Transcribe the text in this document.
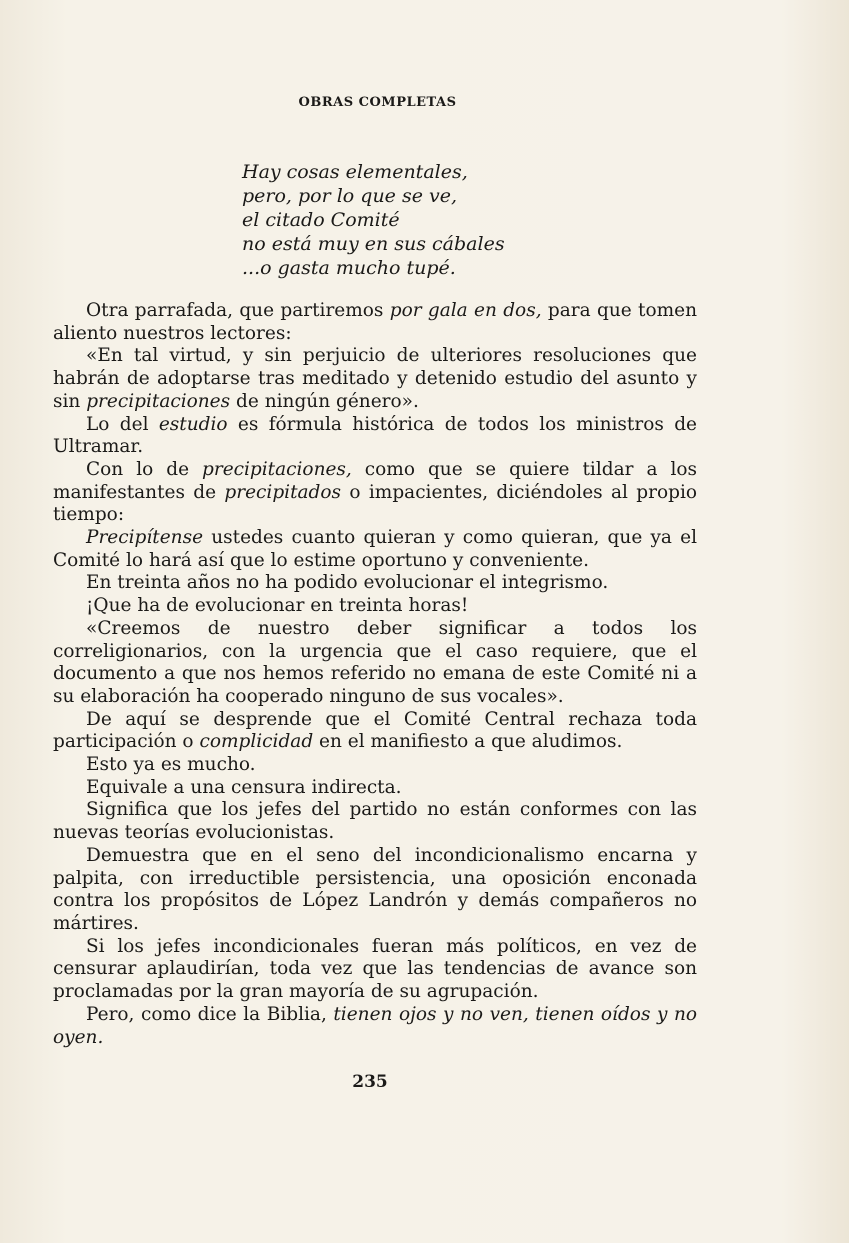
OBRAS COMPLETAS
Hay cosas elementales,
pero, por lo que se ve,
el citado Comité
no está muy en sus cábales
...o gasta mucho tupé.

Otra parrafada, que partiremos por gala en dos, para que tomen aliento nuestros lectores:

«En tal virtud, y sin perjuicio de ulteriores resoluciones que habrán de adoptarse tras meditado y detenido estudio del asunto y sin precipitaciones de ningún género».

Lo del estudio es fórmula histórica de todos los ministros de Ultramar.

Con lo de precipitaciones, como que se quiere tildar a los manifestantes de precipitados o impacientes, diciéndoles al propio tiempo:

Precipítense ustedes cuanto quieran y como quieran, que ya el Comité lo hará así que lo estime oportuno y conveniente.

En treinta años no ha podido evolucionar el integrismo.

¡Que ha de evolucionar en treinta horas!

«Creemos de nuestro deber significar a todos los correligionarios, con la urgencia que el caso requiere, que el documento a que nos hemos referido no emana de este Comité ni a su elaboración ha cooperado ninguno de sus vocales».

De aquí se desprende que el Comité Central rechaza toda participación o complicidad en el manifiesto a que aludimos.

Esto ya es mucho.

Equivale a una censura indirecta.

Significa que los jefes del partido no están conformes con las nuevas teorías evolucionistas.

Demuestra que en el seno del incondicionalismo encarna y palpita, con irreductible persistencia, una oposición enconada contra los propósitos de López Landrón y demás compañeros no mártires.

Si los jefes incondicionales fueran más políticos, en vez de censurar aplaudirían, toda vez que las tendencias de avance son proclamadas por la gran mayoría de su agrupación.

Pero, como dice la Biblia, tienen ojos y no ven, tienen oídos y no oyen.

235
